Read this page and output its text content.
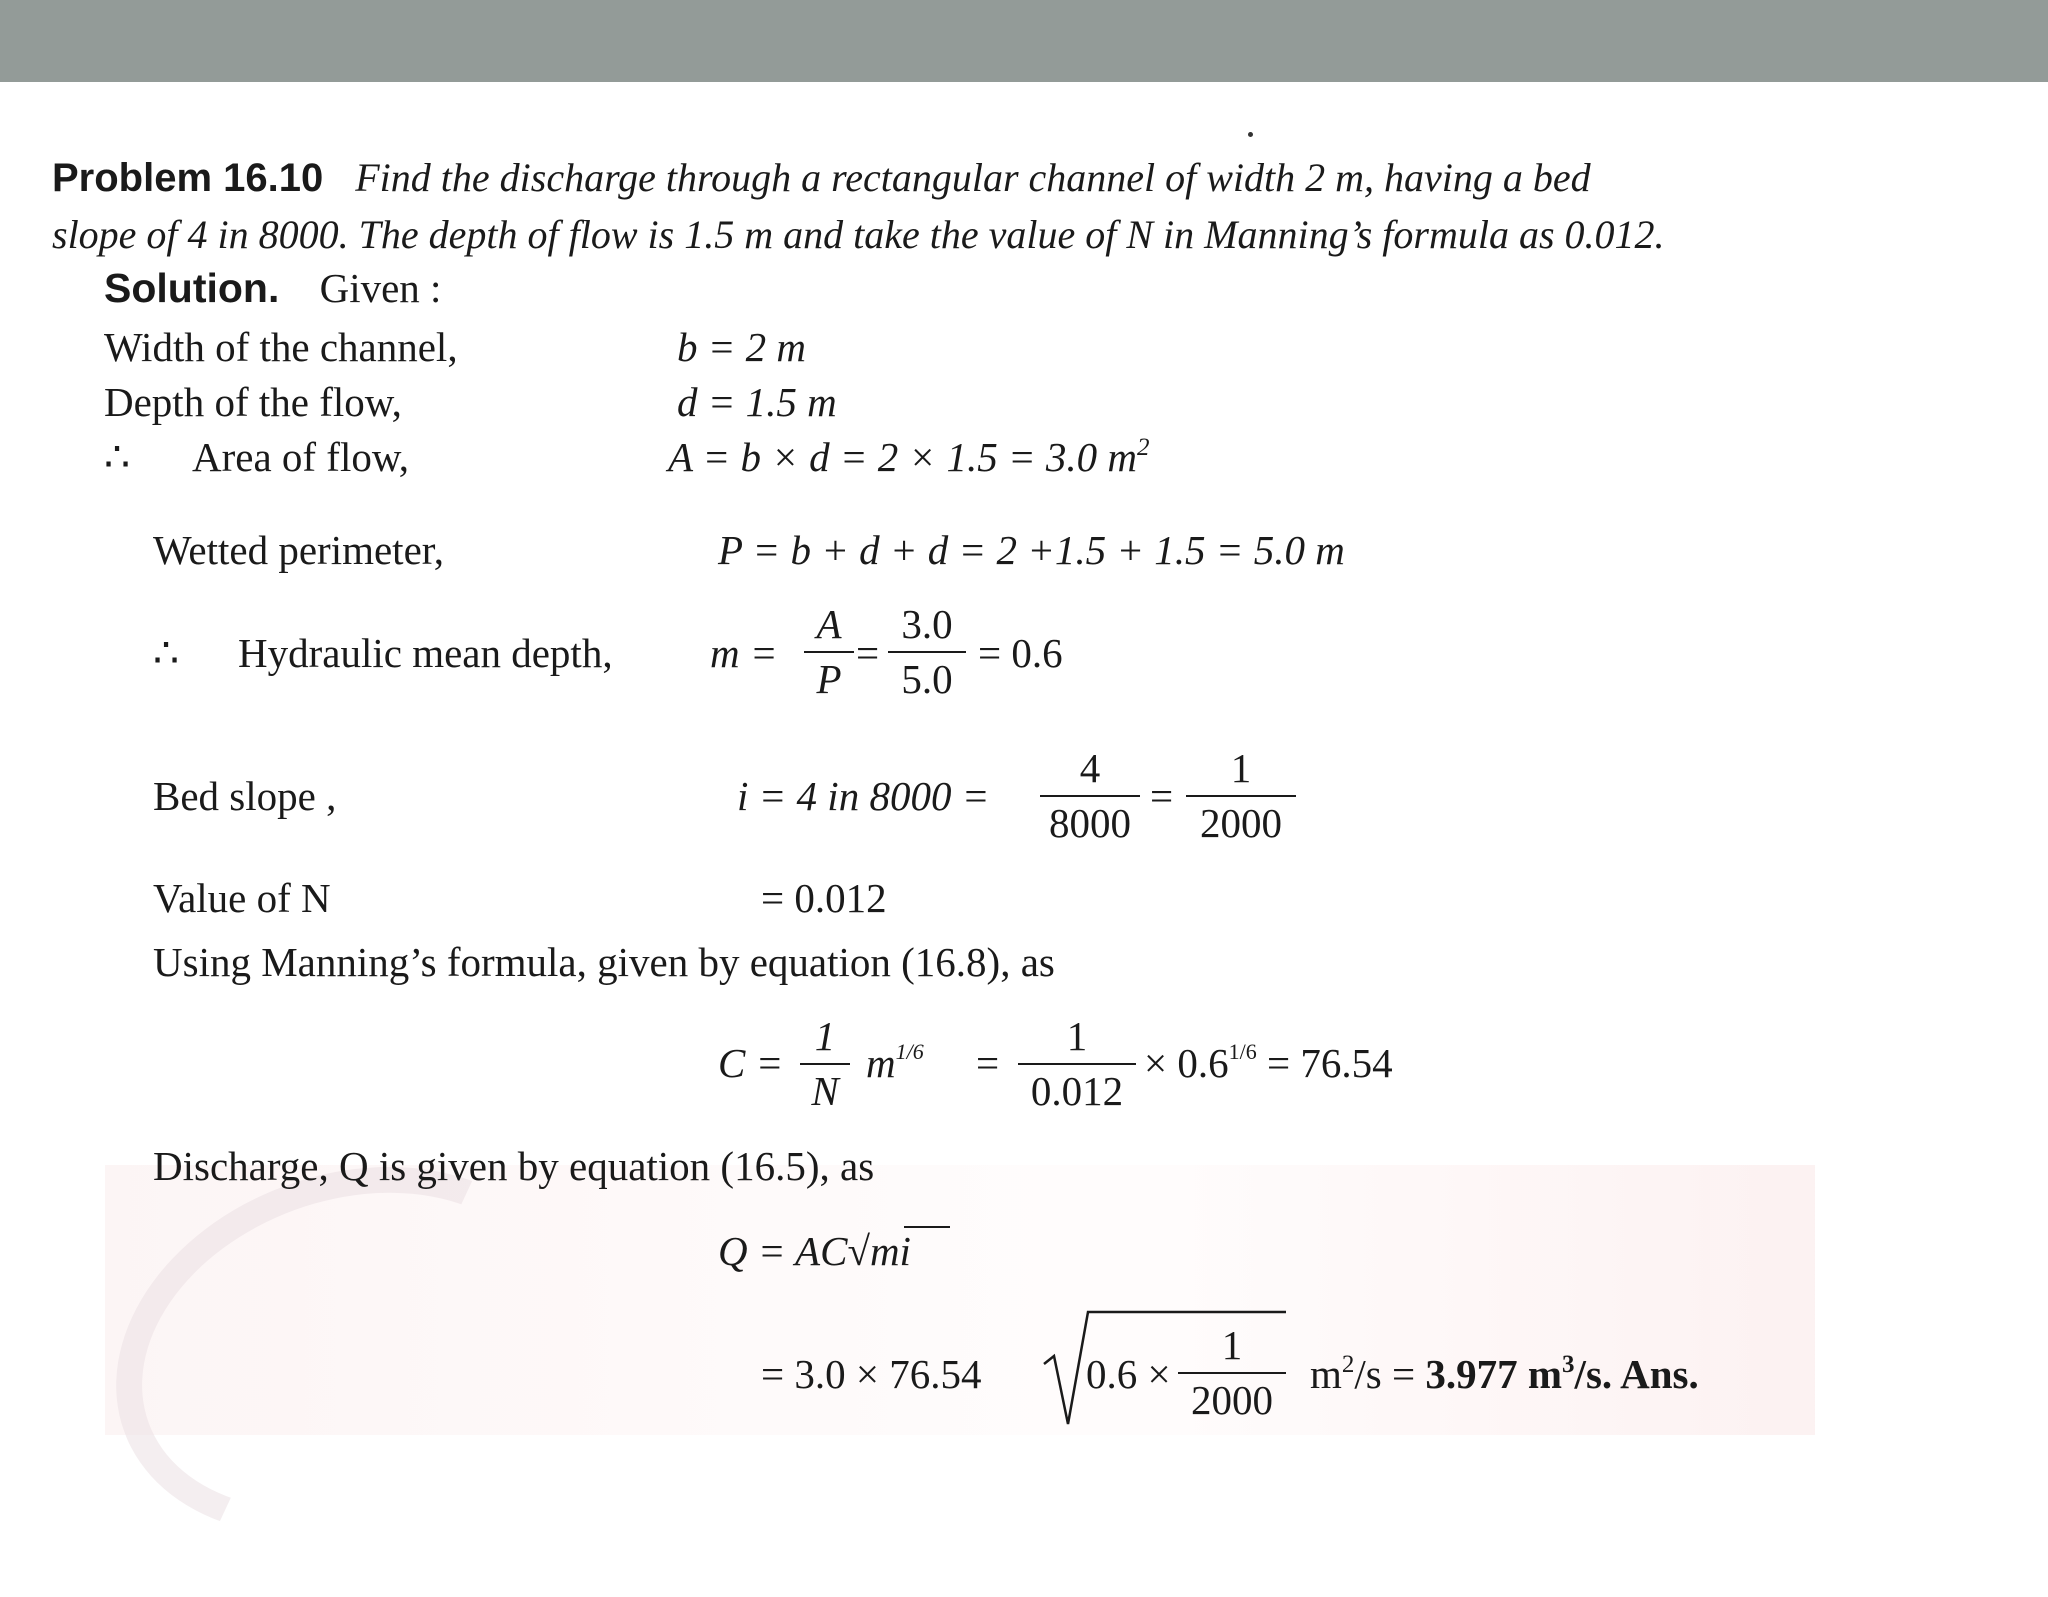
Problem 16.10 Find the discharge through a rectangular channel of width 2 m, having a bed
slope of 4 in 8000. The depth of flow is 1.5 m and take the value of N in Manning’s formula as 0.012.
Solution. Given :
Width of the channel,	b = 2 m
Depth of the flow,	d = 1.5 m
∴ Area of flow,	A = b × d = 2 × 1.5 = 3.0 $m^2$
Wetted perimeter,	P = b + d + d = 2 +1.5 + 1.5 = 5.0 m
∴ Hydraulic mean depth, $m = \frac{A}{P} = \frac{3.0}{5.0} = 0.6$
Bed slope ,	i = 4 in $8000 = \frac{4}{8000} = \frac{1}{2000}$
Value of N	= 0.012
Using Manning’s formula, given by equation (16.8), as
$C = \frac{1}{N} m^{1/6} = \frac{1}{0.012} \times 0.6^{1/6} = 76.54$
Discharge, Q is given by equation (16.5), as
Q = AC√mi
= 3.0 × 76.54	$0.6 \times \frac{1}{2000} m^2/s = 3.977$ $m^3/s$. Ans.
